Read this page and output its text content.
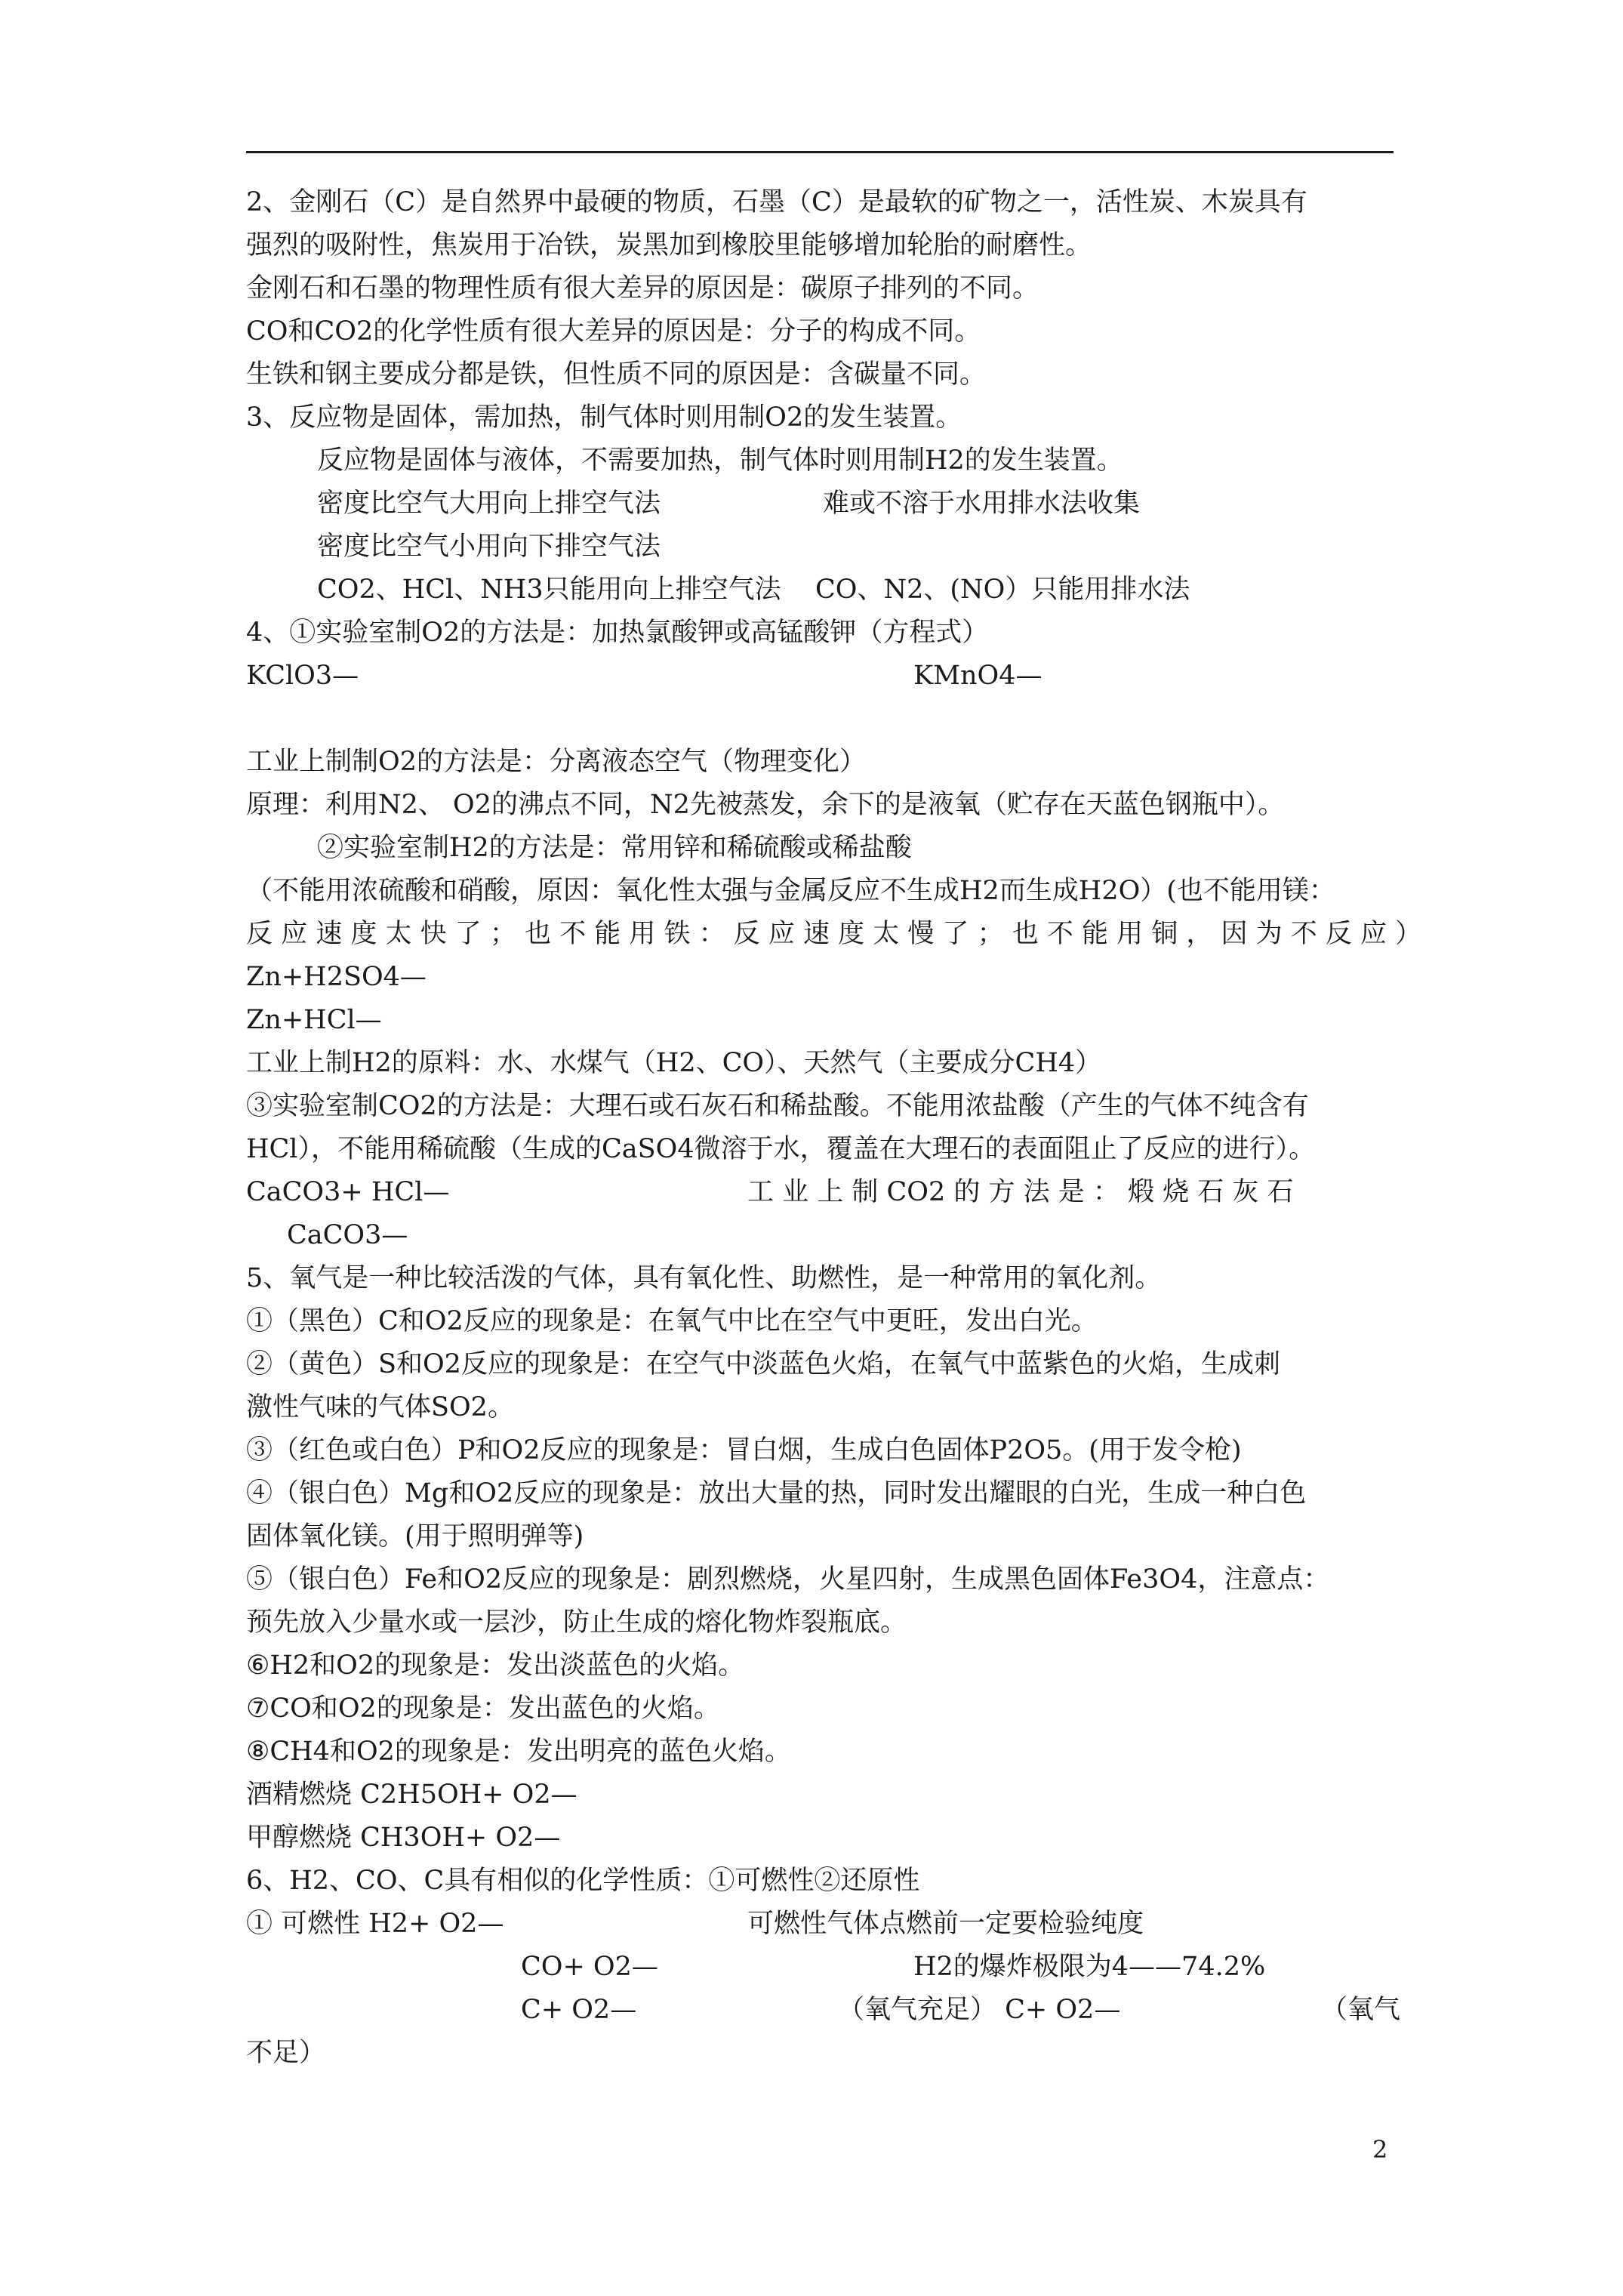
2、金刚石（C）是自然界中最硬的物质，石墨（C）是最软的矿物之一，活性炭、木炭具有
强烈的吸附性，焦炭用于冶铁，炭黑加到橡胶里能够增加轮胎的耐磨性。
金刚石和石墨的物理性质有很大差异的原因是：碳原子排列的不同。
CO和CO2的化学性质有很大差异的原因是：分子的构成不同。
生铁和钢主要成分都是铁，但性质不同的原因是：含碳量不同。
3、反应物是固体，需加热，制气体时则用制O2的发生装置。
反应物是固体与液体，不需要加热，制气体时则用制H2的发生装置。
密度比空气大用向上排空气法	难或不溶于水用排水法收集
密度比空气小用向下排空气法
CO2、HCl、NH3只能用向上排空气法 CO、N2、(NO）只能用排水法
4、①实验室制O2的方法是：加热氯酸钾或高锰酸钾（方程式）
KClO3—	KMnO4—
工业上制制O2的方法是：分离液态空气（物理变化）
原理：利用N2、 O2的沸点不同，N2先被蒸发，余下的是液氧（贮存在天蓝色钢瓶中）。
②实验室制H2的方法是：常用锌和稀硫酸或稀盐酸
（不能用浓硫酸和硝酸，原因：氧化性太强与金属反应不生成H2而生成H2O）(也不能用镁：
反 应 速 度 太 快 了 ； 也 不 能 用 铁 ： 反 应 速 度 太 慢 了 ； 也 不 能 用 铜 ， 因 为 不 反 应 ）
Zn+H2SO4—
Zn+HCl—
工业上制H2的原料：水、水煤气（H2、CO）、天然气（主要成分CH4）
③实验室制CO2的方法是：大理石或石灰石和稀盐酸。不能用浓盐酸（产生的气体不纯含有
HCl），不能用稀硫酸（生成的CaSO4微溶于水，覆盖在大理石的表面阻止了反应的进行）。
CaCO3+ HCl—	工 业 上 制 CO2 的 方 法 是 ： 煅 烧 石 灰 石
CaCO3—
5、氧气是一种比较活泼的气体，具有氧化性、助燃性，是一种常用的氧化剂。
①（黑色）C和O2反应的现象是：在氧气中比在空气中更旺，发出白光。
②（黄色）S和O2反应的现象是：在空气中淡蓝色火焰，在氧气中蓝紫色的火焰，生成刺
激性气味的气体SO2。
③（红色或白色）P和O2反应的现象是：冒白烟，生成白色固体P2O5。(用于发令枪)
④（银白色）Mg和O2反应的现象是：放出大量的热，同时发出耀眼的白光，生成一种白色
固体氧化镁。(用于照明弹等)
⑤（银白色）Fe和O2反应的现象是：剧烈燃烧，火星四射，生成黑色固体Fe3O4，注意点：
预先放入少量水或一层沙，防止生成的熔化物炸裂瓶底。
⑥H2和O2的现象是：发出淡蓝色的火焰。
⑦CO和O2的现象是：发出蓝色的火焰。
⑧CH4和O2的现象是：发出明亮的蓝色火焰。
酒精燃烧 C2H5OH+ O2—
甲醇燃烧 CH3OH+ O2—
6、H2、CO、C具有相似的化学性质：①可燃性②还原性
① 可燃性 H2+ O2—	可燃性气体点燃前一定要检验纯度
CO+ O2—	H2的爆炸极限为4——74.2%
C+ O2—	（氧气充足） C+ O2—	（氧气
不足）
2
